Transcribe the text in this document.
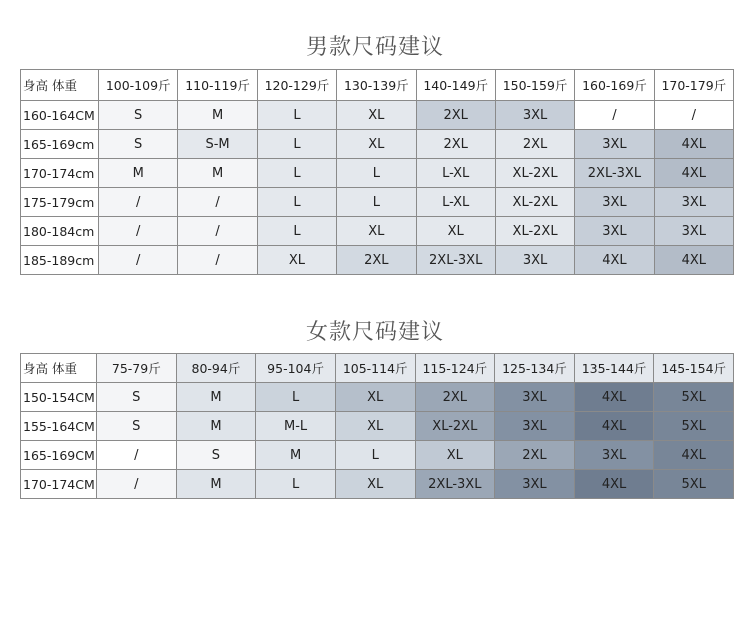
男款尺码建议
身高 体重	100-109斤	110-119斤	120-129斤	130-139斤	140-149斤	150-159斤	160-169斤	170-179斤
160-164CM	S	M	L	XL	2XL	3XL	/	/
165-169cm	S	S-M	L	XL	2XL	2XL	3XL	4XL
170-174cm	M	M	L	L	L-XL	XL-2XL	2XL-3XL	4XL
175-179cm	/	/	L	L	L-XL	XL-2XL	3XL	3XL
180-184cm	/	/	L	XL	XL	XL-2XL	3XL	3XL
185-189cm	/	/	XL	2XL	2XL-3XL	3XL	4XL	4XL
女款尺码建议
身高 体重	75-79斤	80-94斤	95-104斤	105-114斤	115-124斤	125-134斤	135-144斤	145-154斤
150-154CM	S	M	L	XL	2XL	3XL	4XL	5XL
155-164CM	S	M	M-L	XL	XL-2XL	3XL	4XL	5XL
165-169CM	/	S	M	L	XL	2XL	3XL	4XL
170-174CM	/	M	L	XL	2XL-3XL	3XL	4XL	5XL
